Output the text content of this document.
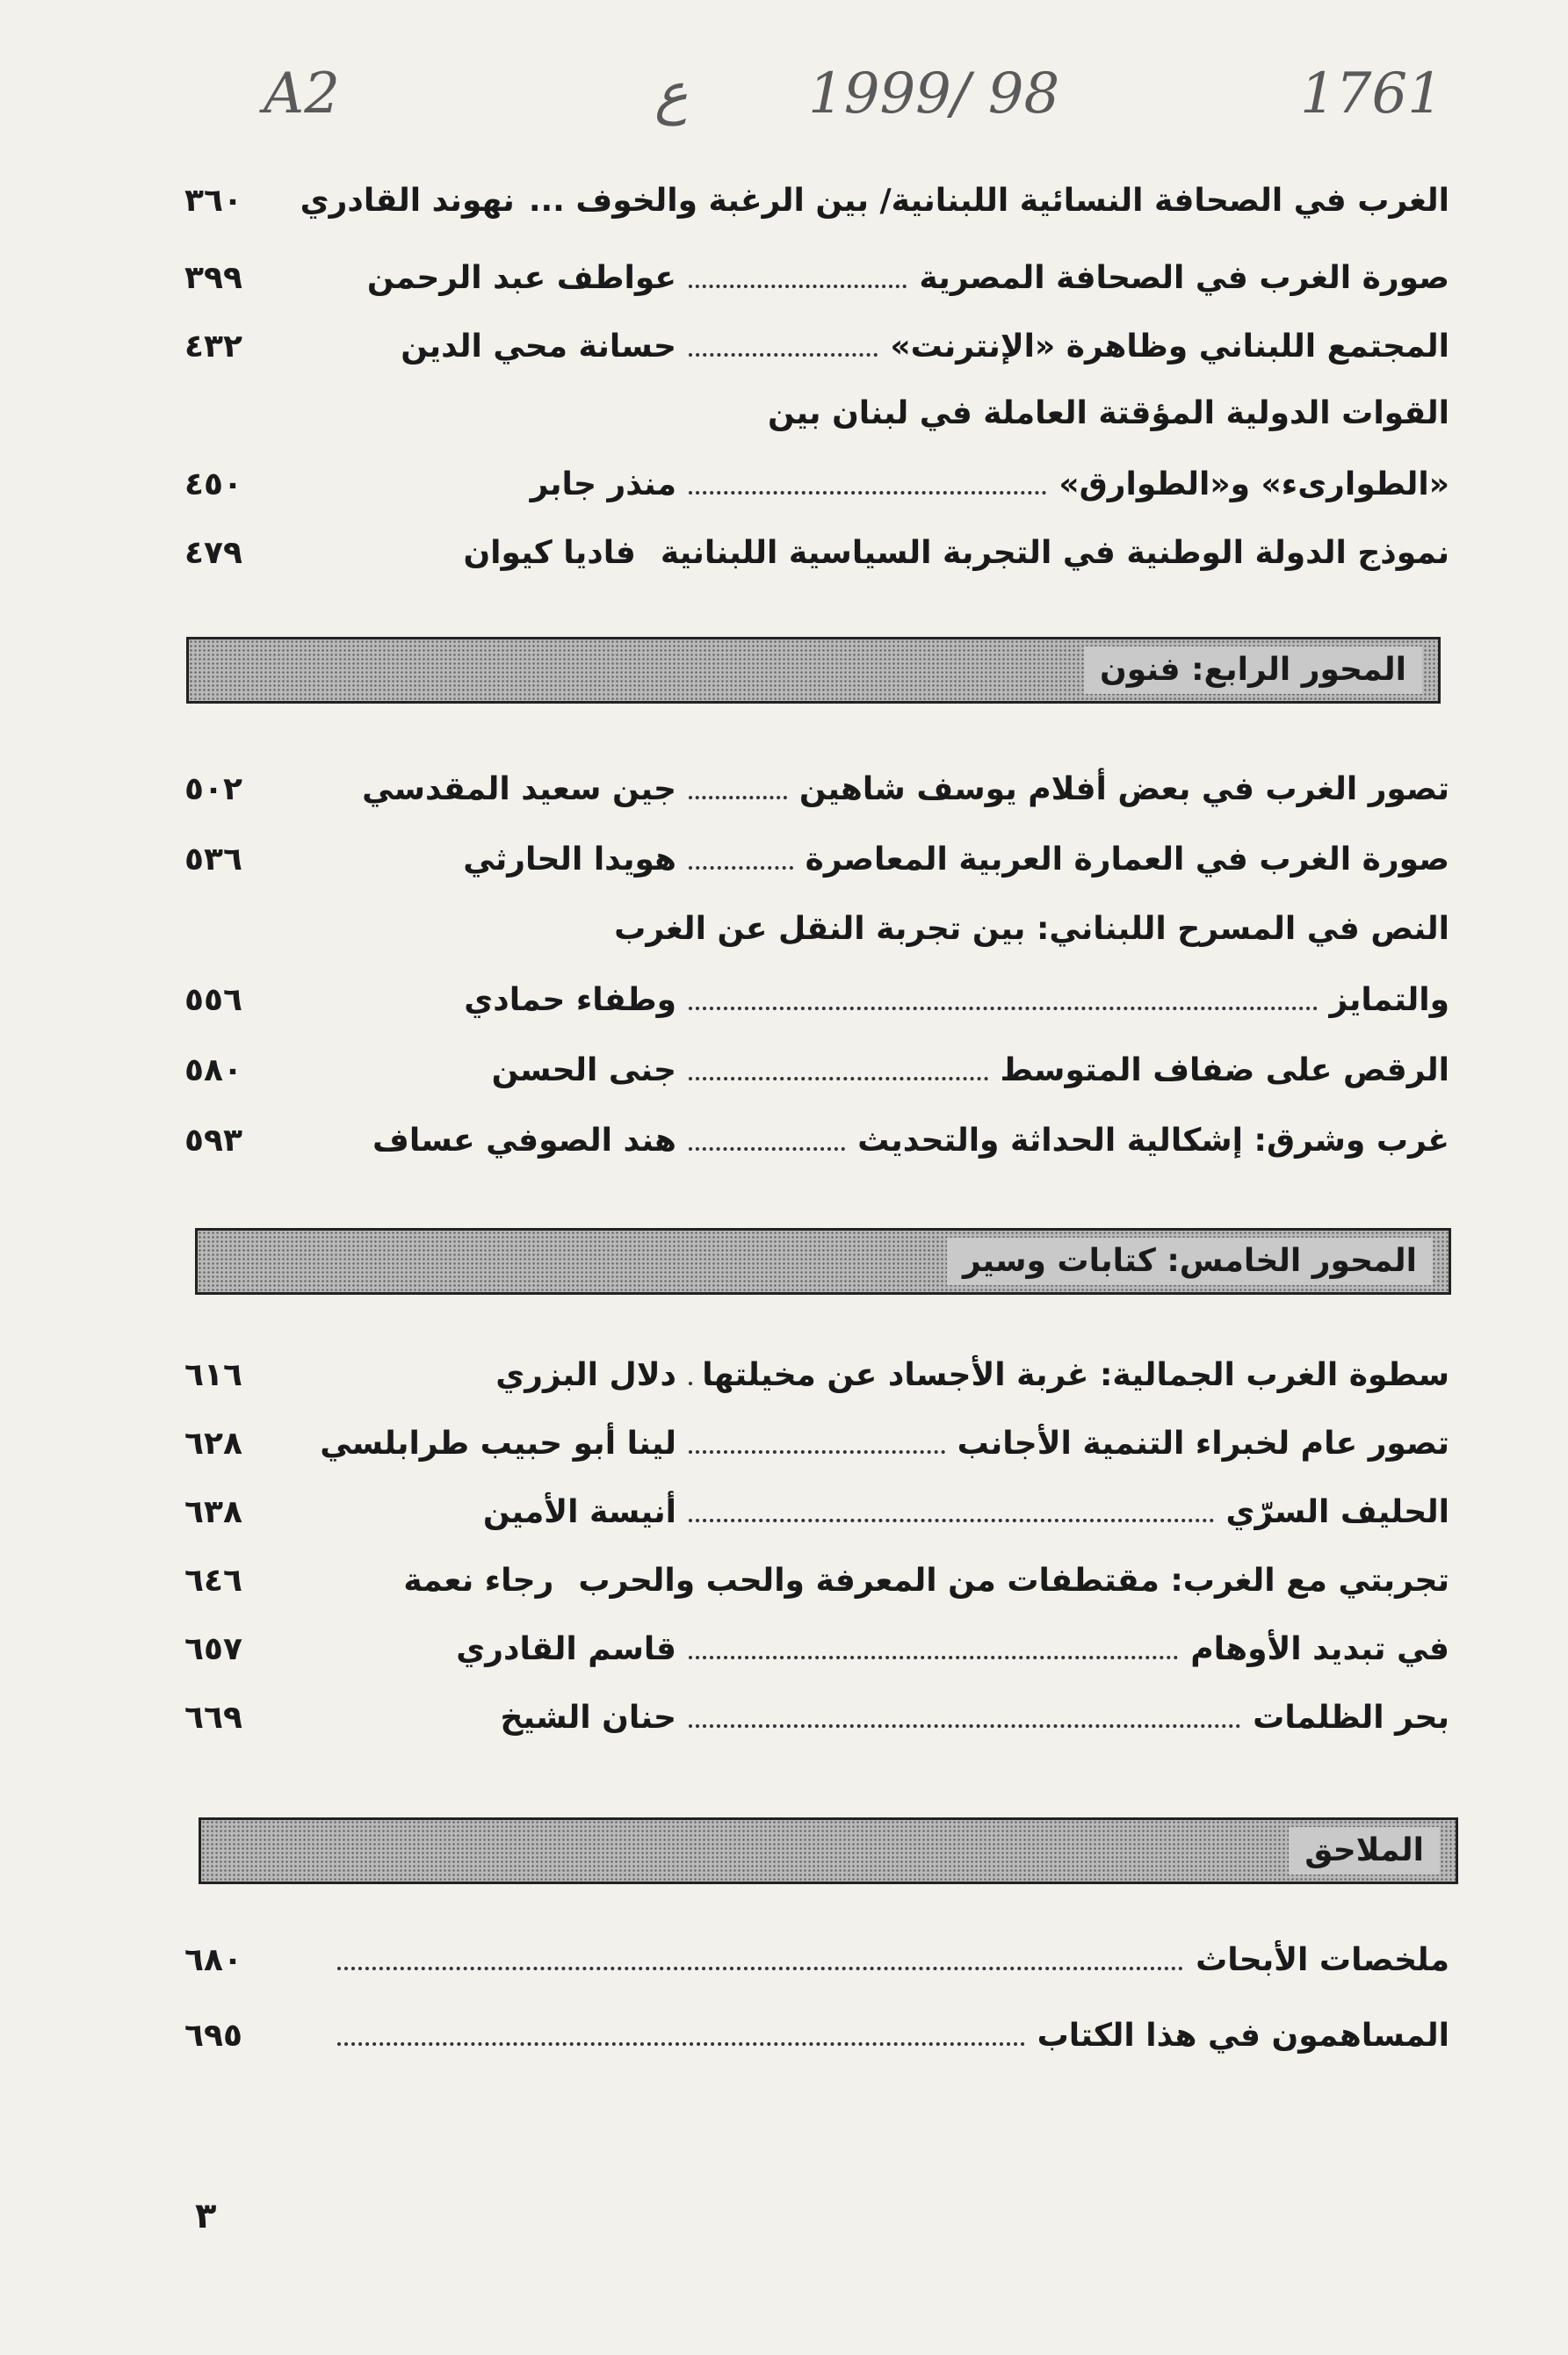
A2	ع 1999/ 98	1761
الغرب في الصحافة النسائية اللبنانية/ بين الرغبة والخوف ...
نهوند القادري
٣٦٠
صورة الغرب في الصحافة المصرية
عواطف عبد الرحمن
٣٩٩
المجتمع اللبناني وظاهرة «الإنترنت»
حسانة محي الدين
٤٣٢
القوات الدولية المؤقتة العاملة في لبنان بين
«الطوارىء» و«الطوارق»
منذر جابر
٤٥٠
نموذج الدولة الوطنية في التجربة السياسية اللبنانية
فاديا كيوان
٤٧٩
المحور الرابع: فنون
تصور الغرب في بعض أفلام يوسف شاهين
جين سعيد المقدسي
٥٠٢
صورة الغرب في العمارة العربية المعاصرة
هويدا الحارثي
٥٣٦
النص في المسرح اللبناني: بين تجربة النقل عن الغرب
والتمايز
وطفاء حمادي
٥٥٦
الرقص على ضفاف المتوسط
جنى الحسن
٥٨٠
غرب وشرق: إشكالية الحداثة والتحديث
هند الصوفي عساف
٥٩٣
المحور الخامس: كتابات وسير
سطوة الغرب الجمالية: غربة الأجساد عن مخيلتها
دلال البزري
٦١٦
تصور عام لخبراء التنمية الأجانب
لينا أبو حبيب طرابلسي
٦٢٨
الحليف السرّي
أنيسة الأمين
٦٣٨
تجربتي مع الغرب: مقتطفات من المعرفة والحب والحرب
رجاء نعمة
٦٤٦
في تبديد الأوهام
قاسم القادري
٦٥٧
بحر الظلمات
حنان الشيخ
٦٦٩
الملاحق
ملخصات الأبحاث
٦٨٠
المساهمون في هذا الكتاب
٦٩٥
٣
